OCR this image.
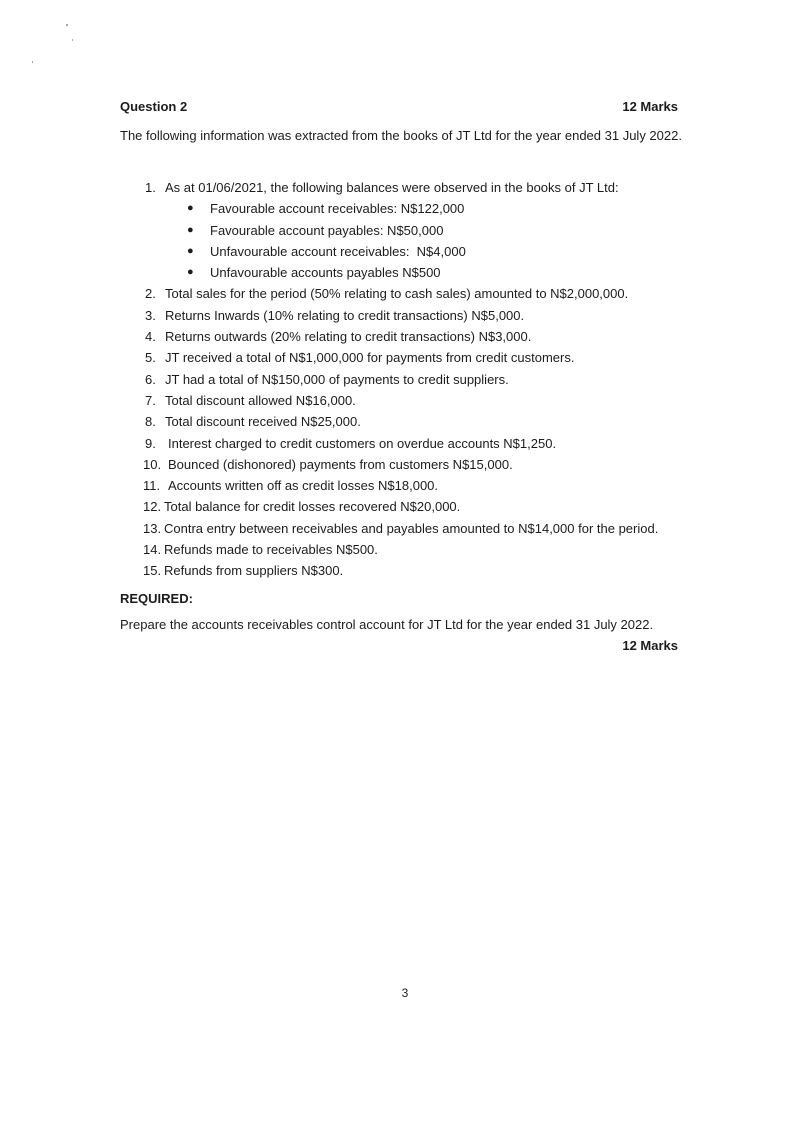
Question 2	12 Marks
The following information was extracted from the books of JT Ltd for the year ended 31 July 2022.
1. As at 01/06/2021, the following balances were observed in the books of JT Ltd:
● Favourable account receivables: N$122,000
● Favourable account payables: N$50,000
● Unfavourable account receivables:  N$4,000
● Unfavourable accounts payables N$500
2. Total sales for the period (50% relating to cash sales) amounted to N$2,000,000.
3. Returns Inwards (10% relating to credit transactions) N$5,000.
4. Returns outwards (20% relating to credit transactions) N$3,000.
5. JT received a total of N$1,000,000 for payments from credit customers.
6. JT had a total of N$150,000 of payments to credit suppliers.
7. Total discount allowed N$16,000.
8. Total discount received N$25,000.
9. Interest charged to credit customers on overdue accounts N$1,250.
10. Bounced (dishonored) payments from customers N$15,000.
11. Accounts written off as credit losses N$18,000.
12. Total balance for credit losses recovered N$20,000.
13. Contra entry between receivables and payables amounted to N$14,000 for the period.
14. Refunds made to receivables N$500.
15. Refunds from suppliers N$300.
REQUIRED:
Prepare the accounts receivables control account for JT Ltd for the year ended 31 July 2022.
12 Marks
3
